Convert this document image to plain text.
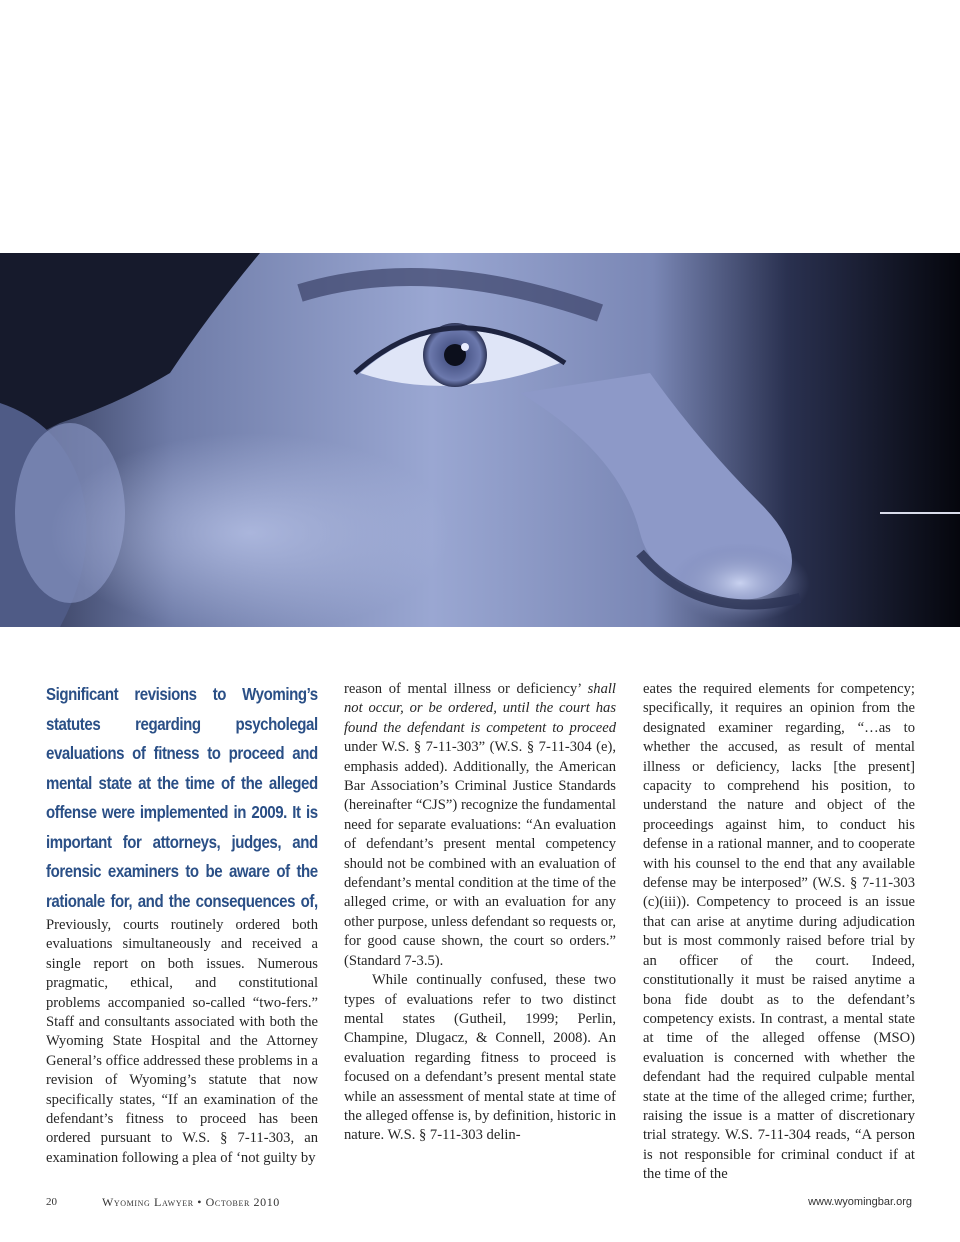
Significant revisions to Wyoming’s statutes regarding psycholegal evaluations of fitness to proceed and mental state at the time of the alleged offense were implemented in 2009. It is important for attorneys, judges, and forensic examiners to be aware of the rationale for, and the consequences of,

Previously, courts routinely ordered both evaluations simultaneously and received a single report on both issues. Numerous pragmatic, ethical, and constitutional problems accompanied so-called “two-fers.” Staff and consultants associated with both the Wyoming State Hospital and the Attorney General’s office addressed these problems in a revision of Wyoming’s statute that now specifically states, “If an examination of the defendant’s fitness to proceed has been ordered pursuant to W.S. § 7-11-303, an examination following a plea of ‘not guilty by

reason of mental illness or deficiency’ shall not occur, or be ordered, until the court has found the defendant is competent to proceed under W.S. § 7-11-303” (W.S. § 7-11-304 (e), emphasis added). Additionally, the American Bar Association’s Criminal Justice Standards (hereinafter “CJS”) recognize the fundamental need for separate evaluations: “An evaluation of defendant’s present mental competency should not be combined with an evaluation of defendant’s mental condition at the time of the alleged crime, or with an evaluation for any other purpose, unless defendant so requests or, for good cause shown, the court so orders.” (Standard 7-3.5).

While continually confused, these two types of evaluations refer to two distinct mental states (Gutheil, 1999; Perlin, Champine, Dlugacz, & Connell, 2008). An evaluation regarding fitness to proceed is focused on a defendant’s present mental state while an assessment of mental state at time of the alleged offense is, by definition, historic in nature. W.S. § 7-11-303 delin-

eates the required elements for competency; specifically, it requires an opinion from the designated examiner regarding, “…as to whether the accused, as result of mental illness or deficiency, lacks [the present] capacity to comprehend his position, to understand the nature and object of the proceedings against him, to conduct his defense in a rational manner, and to cooperate with his counsel to the end that any available defense may be interposed” (W.S. § 7-11-303 (c)(iii)). Competency to proceed is an issue that can arise at anytime during adjudication but is most commonly raised before trial by an officer of the court. Indeed, constitutionally it must be raised anytime a bona fide doubt as to the defendant’s competency exists. In contrast, a mental state at time of the alleged offense (MSO) evaluation is concerned with whether the defendant had the required culpable mental state at the time of the alleged crime; further, raising the issue is a matter of discretionary trial strategy. W.S. 7-11-304 reads, “A person is not responsible for criminal conduct if at the time of the

20	Wyoming Lawyer • October 2010	www.wyomingbar.org
